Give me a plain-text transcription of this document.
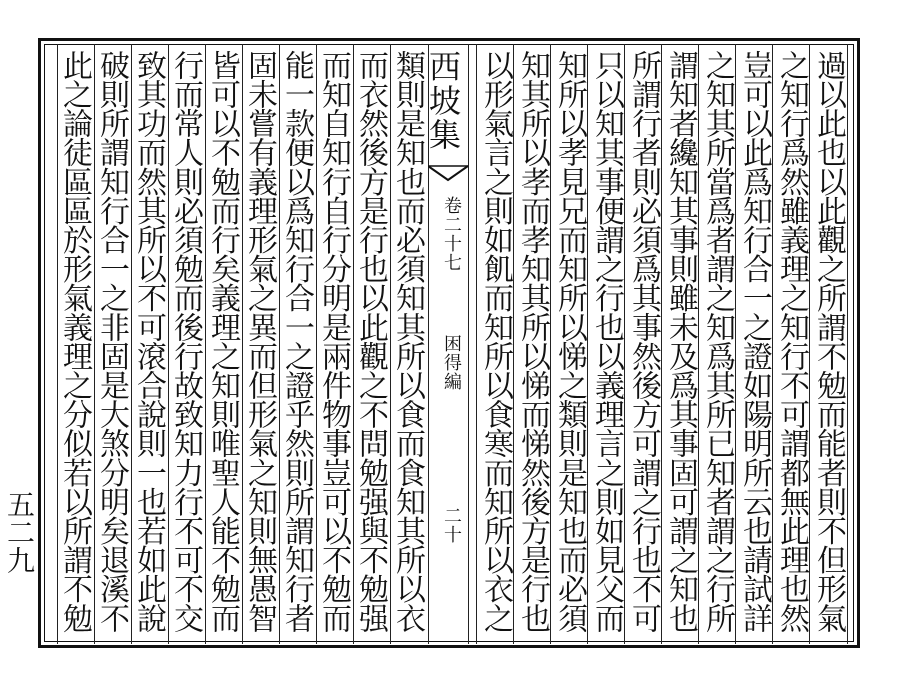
過以此也以此觀之所謂不勉而能者則不但形氣
之知行爲然雖義理之知行不可謂都無此理也然
豈可以此爲知行合一之證如陽明所云也請試詳
之知其所當爲者謂之知爲其所已知者謂之行所
謂知者纔知其事則雖未及爲其事固可謂之知也
所謂行者則必須爲其事然後方可謂之行也不可
只以知其事便謂之行也以義理言之則如見父而
知所以孝見兄而知所以悌之類則是知也而必須
知其所以孝而孝知其所以悌而悌然後方是行也
以形氣言之則如飢而知所以食寒而知所以衣之
西坡集
卷二十七
困得編
二十
類則是知也而必須知其所以食而食知其所以衣
而衣然後方是行也以此觀之不問勉强與不勉强
而知自知行自行分明是兩件物事豈可以不勉而
能一款便以爲知行合一之證乎然則所謂知行者
固未嘗有義理形氣之異而但形氣之知則無愚智
皆可以不勉而行矣義理之知則唯聖人能不勉而
行而常人則必須勉而後行故致知力行不可不交
致其功而然其所以不可滾合說則一也若如此說
破則所謂知行合一之非固是大煞分明矣退溪不
此之論徒區區於形氣義理之分似若以所謂不勉
五二九
